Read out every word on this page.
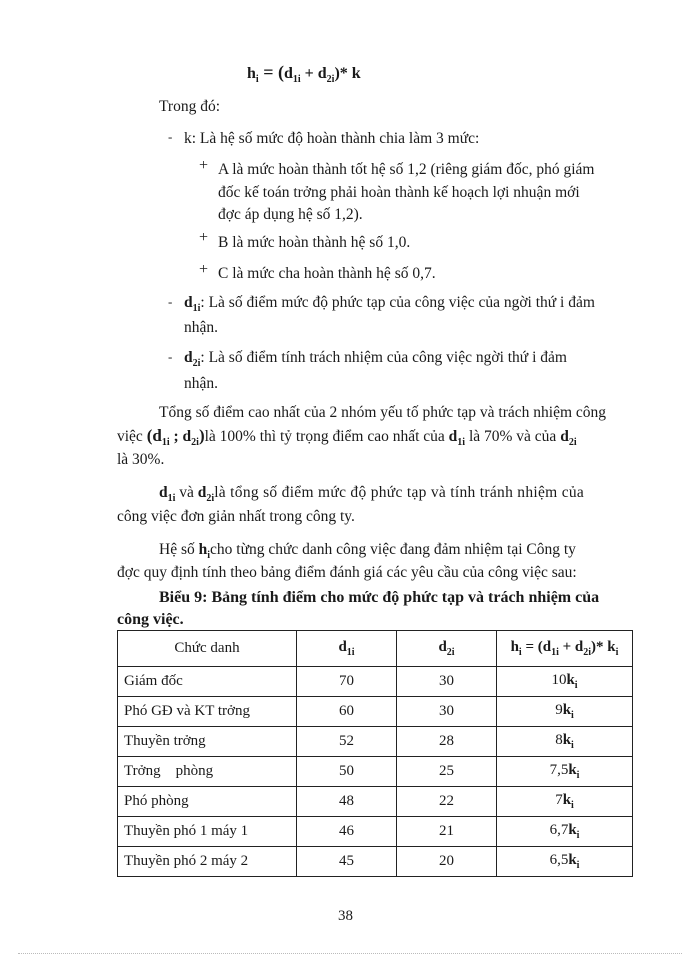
$h_i = (d_{1i} + d_{2i})*$ k
Trong đó:
- k: Là hệ số mức độ hoàn thành chia làm 3 mức:
+ A là mức hoàn thành tốt hệ số 1,2 (riêng giám đốc, phó giám
đốc kế toán trởng phải hoàn thành kế hoạch lợi nhuận mới
đợc áp dụng hệ số 1,2).
+ B là mức hoàn thành hệ số 1,0.
+ C là mức cha hoàn thành hệ số 0,7.
- $d_{1i}$: Là số điểm mức độ phức tạp của công việc của ngời thứ i đảm
nhận.
- $d_{2i}$: Là số điểm tính trách nhiệm của công việc ngời thứ i đảm
nhận.
Tổng số điểm cao nhất của 2 nhóm yếu tố phức tạp và trách nhiệm công
việc ($d_{1i}$ ; $d_{2i})là$ 100% thì tỷ trọng điểm cao nhất của $d_{1i}$ là 70% và của $d_{2i}$
là 30%.
$d_{1i}$ và $d_{2i}là$ tổng số điểm mức độ phức tạp và tính tránh nhiệm của
công việc đơn giản nhất trong công ty.
Hệ số $h_icho$ từng chức danh công việc đang đảm nhiệm tại Công ty
đợc quy định tính theo bảng điểm đánh giá các yêu cầu của công việc sau:
Biểu 9: Bảng tính điểm cho mức độ phức tạp và trách nhiệm của
công việc.
Chức danh	$d_{1i}$	$d_{2i}$	$h_i = (d_{1i} + d_{2i})*$ $k_i$
Giám đốc	70	30	$10k_i$
Phó GĐ và KT trởng	60	30	$9k_i$
Thuyền trởng	52	28	$8k_i$
Trởng    phòng	50	25	$7,5k_i$
Phó phòng	48	22	$7k_i$
Thuyền phó 1 máy 1	46	21	$6,7k_i$
Thuyền phó 2 máy 2	45	20	$6,5k_i$
38
